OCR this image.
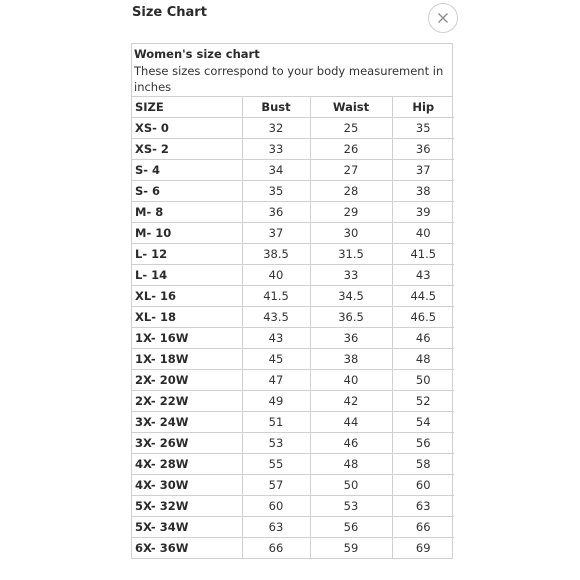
Size Chart
Women's size chart
These sizes correspond to your body measurement in inches
SIZE	Bust	Waist	Hip
XS- 0	32	25	35
XS- 2	33	26	36
S- 4	34	27	37
S- 6	35	28	38
M- 8	36	29	39
M- 10	37	30	40
L- 12	38.5	31.5	41.5
L- 14	40	33	43
XL- 16	41.5	34.5	44.5
XL- 18	43.5	36.5	46.5
1X- 16W	43	36	46
1X- 18W	45	38	48
2X- 20W	47	40	50
2X- 22W	49	42	52
3X- 24W	51	44	54
3X- 26W	53	46	56
4X- 28W	55	48	58
4X- 30W	57	50	60
5X- 32W	60	53	63
5X- 34W	63	56	66
6X- 36W	66	59	69
